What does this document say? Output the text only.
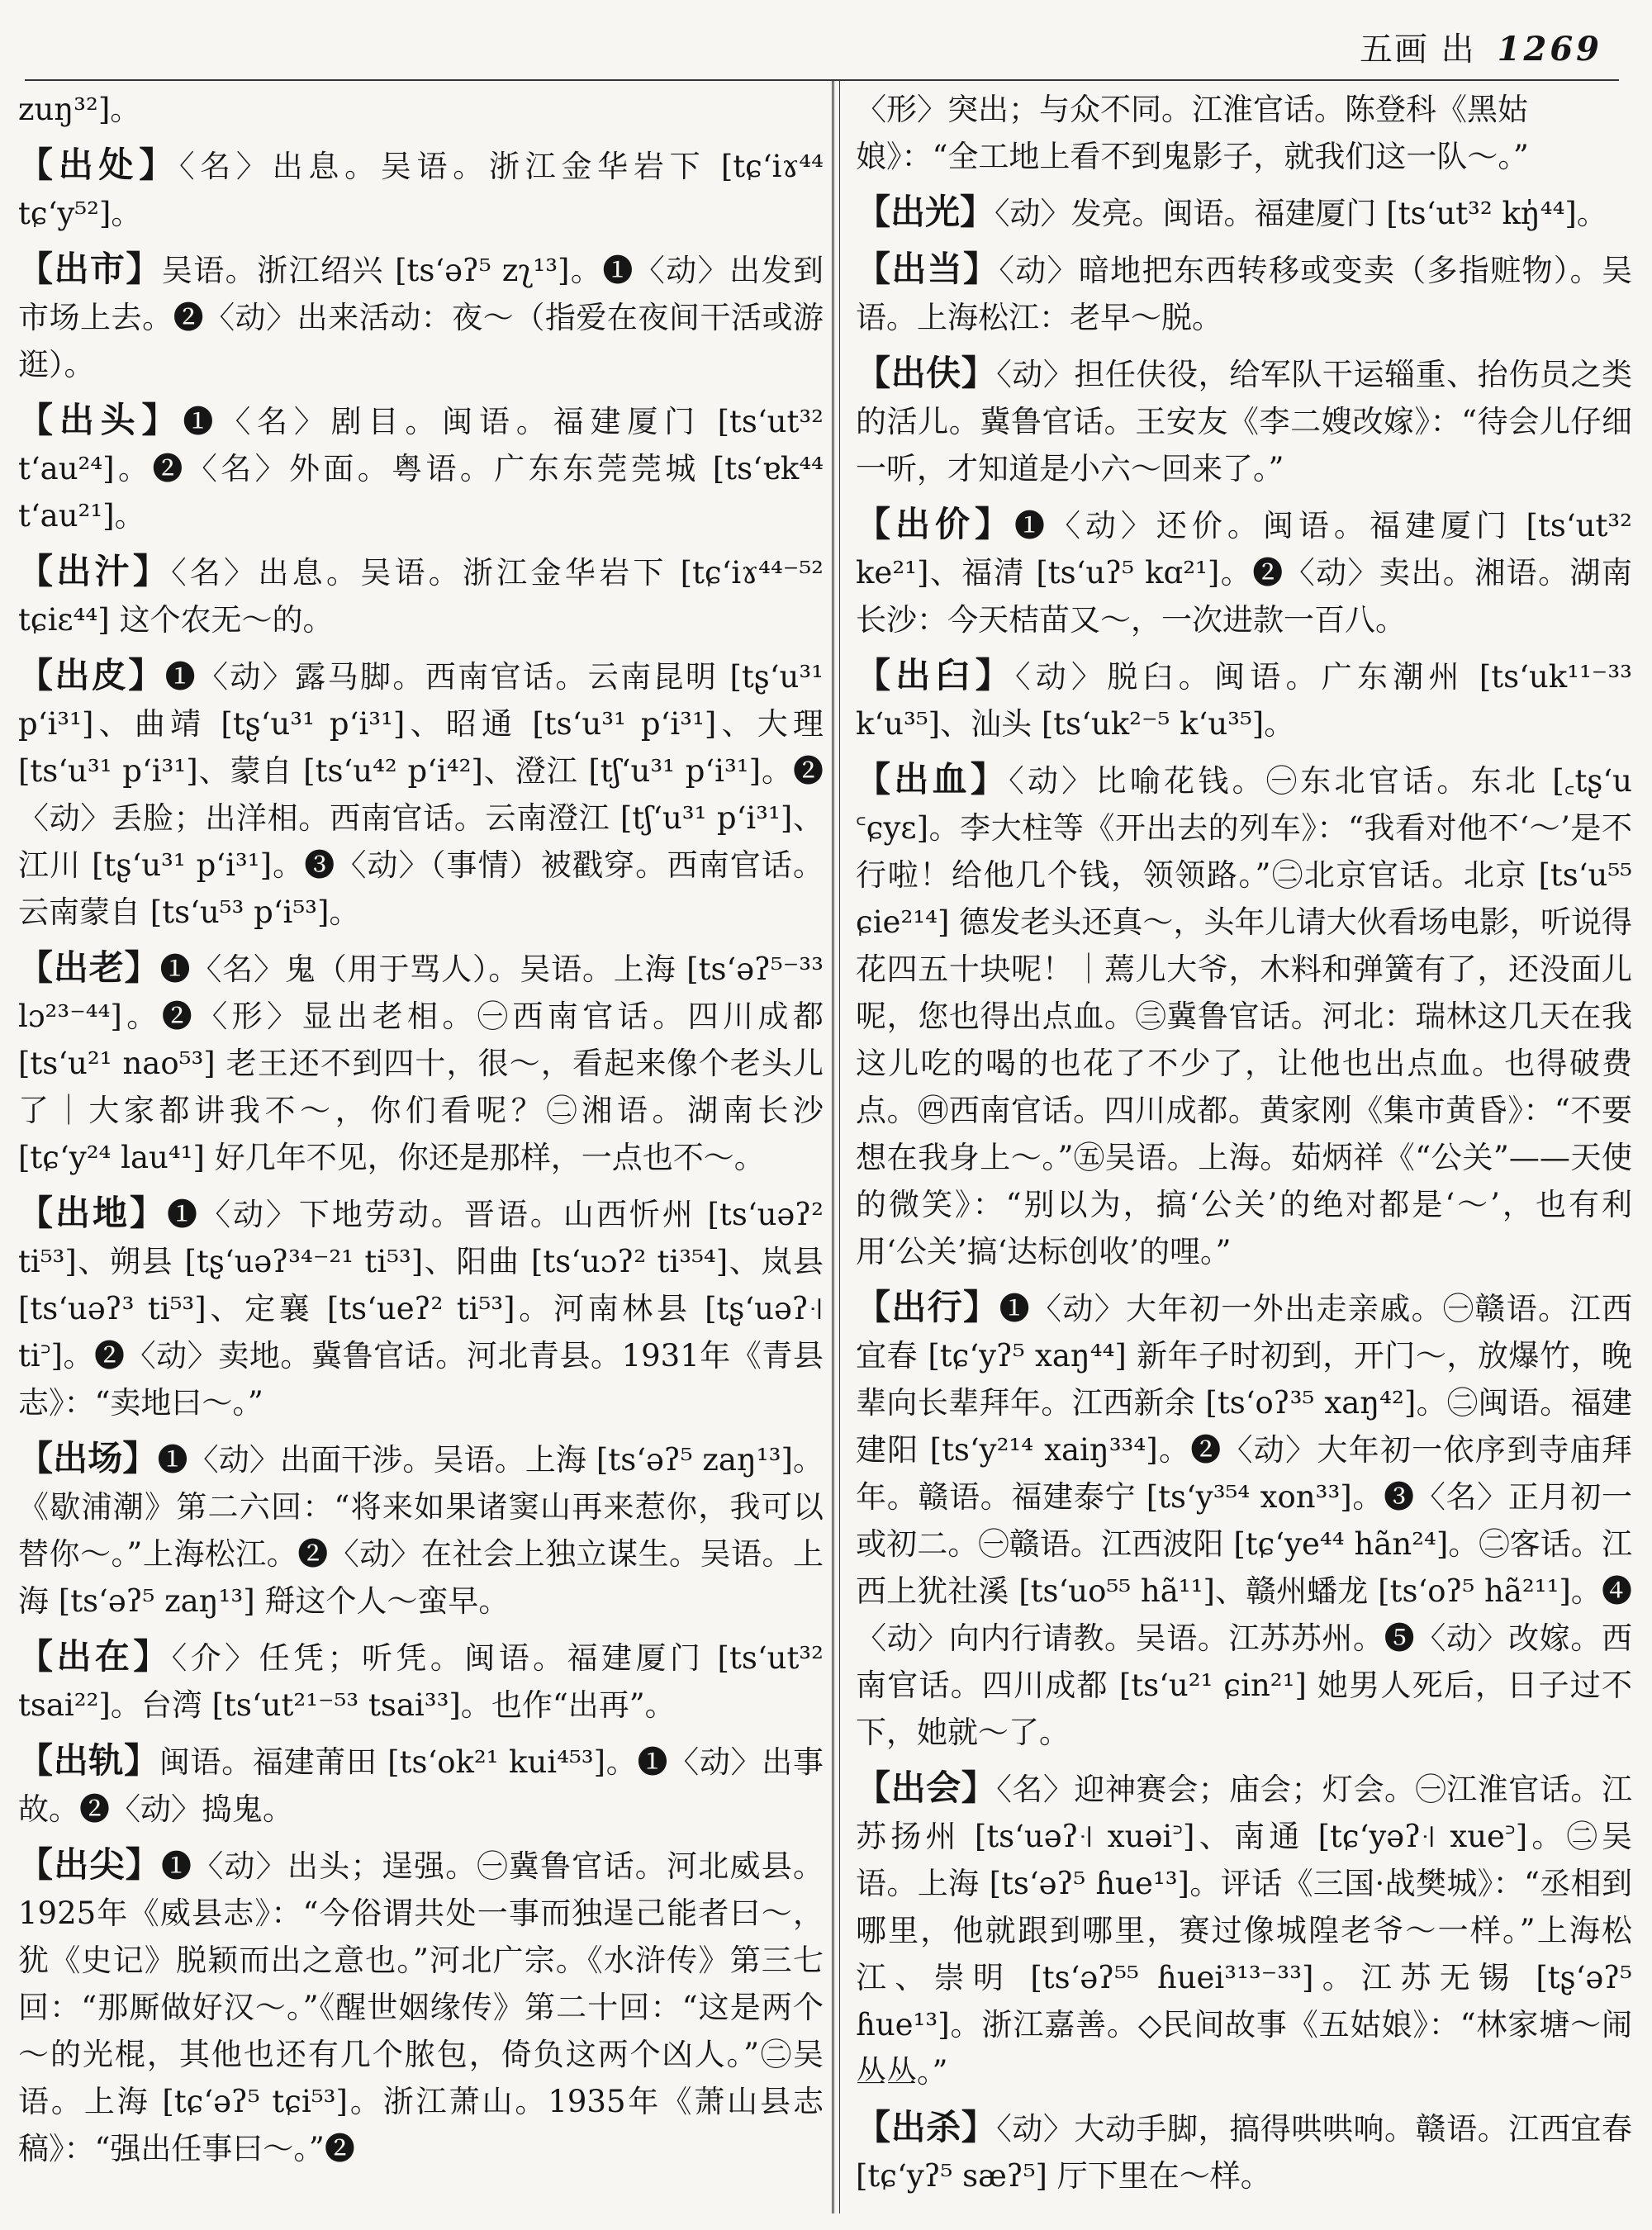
五画 出 1269
zuŋ³²]。
【 出处 】 〈名〉出息。吴语。浙江金华岩下 [tɕʻiɤ⁴⁴ tɕʻy⁵²]。
【 出市 】 吴语。浙江绍兴 [tsʻəʔ⁵ zʅ¹³]。❶〈动〉出发到市场上去。❷〈动〉出来活动：夜～（指爱在夜间干活或游逛）。
【 出头 】 ❶〈名〉剧目。闽语。福建厦门 [tsʻut³² tʻau²⁴]。❷〈名〉外面。粤语。广东东莞莞城 [tsʻɐk⁴⁴ tʻau²¹]。
【 出汁 】 〈名〉出息。吴语。浙江金华岩下 [tɕʻiɤ⁴⁴⁻⁵² tɕiɛ⁴⁴] 这个农无～的。
【 出皮 】 ❶〈动〉露马脚。西南官话。云南昆明 [tʂʻu³¹ pʻi³¹]、曲靖 [tʂʻu³¹ pʻi³¹]、昭通 [tsʻu³¹ pʻi³¹]、大理 [tsʻu³¹ pʻi³¹]、蒙自 [tsʻu⁴² pʻi⁴²]、澄江 [tʃʻu³¹ pʻi³¹]。❷〈动〉丢脸；出洋相。西南官话。云南澄江 [tʃʻu³¹ pʻi³¹]、江川 [tʂʻu³¹ pʻi³¹]。❸〈动〉（事情）被戳穿。西南官话。云南蒙自 [tsʻu⁵³ pʻi⁵³]。
【 出老 】 ❶〈名〉鬼（用于骂人）。吴语。上海 [tsʻəʔ⁵⁻³³ lɔ²³⁻⁴⁴]。❷〈形〉显出老相。㊀西南官话。四川成都 [tsʻu²¹ nao⁵³] 老王还不到四十，很～，看起来像个老头儿了｜大家都讲我不～，你们看呢？㊁湘语。湖南长沙 [tɕʻy²⁴ lau⁴¹] 好几年不见，你还是那样，一点也不～。
【 出地 】 ❶〈动〉下地劳动。晋语。山西忻州 [tsʻuəʔ² ti⁵³]、朔县 [tʂʻuəʔ³⁴⁻²¹ ti⁵³]、阳曲 [tsʻuɔʔ² ti³⁵⁴]、岚县 [tsʻuəʔ³ ti⁵³]、定襄 [tsʻueʔ² ti⁵³]。河南林县 [tʂʻuəʔ꜊ ti꜄]。❷〈动〉卖地。冀鲁官话。河北青县。1931年《青县志》：“卖地曰～。”
【 出场 】 ❶〈动〉出面干涉。吴语。上海 [tsʻəʔ⁵ zaŋ¹³]。《歇浦潮》第二六回：“将来如果诸窦山再来惹你，我可以替你～。”上海松江。❷〈动〉在社会上独立谋生。吴语。上海 [tsʻəʔ⁵ zaŋ¹³] 搿这个人～蛮早。
【 出在 】 〈介〉任凭；听凭。闽语。福建厦门 [tsʻut³² tsai²²]。台湾 [tsʻut²¹⁻⁵³ tsai³³]。也作“出再”。
【 出轨 】 闽语。福建莆田 [tsʻok²¹ kui⁴⁵³]。❶〈动〉出事故。❷〈动〉捣鬼。
【 出尖 】 ❶〈动〉出头；逞强。㊀冀鲁官话。河北威县。1925年《威县志》：“今俗谓共处一事而独逞己能者曰～，犹《史记》脱颖而出之意也。”河北广宗。《水浒传》第三七回：“那厮做好汉～。”《醒世姻缘传》第二十回：“这是两个～的光棍，其他也还有几个脓包，倚负这两个凶人。”㊁吴语。上海 [tɕʻəʔ⁵ tɕi⁵³]。浙江萧山。1935年《萧山县志稿》：“强出任事曰～。”❷
〈形〉突出；与众不同。江淮官话。陈登科《黑姑娘》：“全工地上看不到鬼影子，就我们这一队～。”
【 出光 】 〈动〉发亮。闽语。福建厦门 [tsʻut³² kŋ̍⁴⁴]。
【 出当 】 〈动〉暗地把东西转移或变卖（多指赃物）。吴语。上海松江：老早～脱。
【 出伕 】 〈动〉担任伕役，给军队干运辎重、抬伤员之类的活儿。冀鲁官话。王安友《李二嫂改嫁》：“待会儿仔细一听，才知道是小六～回来了。”
【 出价 】 ❶〈动〉还价。闽语。福建厦门 [tsʻut³² ke²¹]、福清 [tsʻuʔ⁵ kɑ²¹]。❷〈动〉卖出。湘语。湖南长沙：今天桔苗又～，一次进款一百八。
【 出臼 】 〈动〉脱臼。闽语。广东潮州 [tsʻuk¹¹⁻³³ kʻu³⁵]、汕头 [tsʻuk²⁻⁵ kʻu³⁵]。
【 出血 】 〈动〉比喻花钱。㊀东北官话。东北 [꜀tʂʻu ꜂ɕyɛ]。李大柱等《开出去的列车》：“我看对他不‘～’是不行啦！给他几个钱，领领路。”㊁北京官话。北京 [tsʻu⁵⁵ ɕie²¹⁴] 德发老头还真～，头年儿请大伙看场电影，听说得花四五十块呢！｜蔫儿大爷，木料和弹簧有了，还没面儿呢，您也得出点血。㊂冀鲁官话。河北：瑞林这几天在我这儿吃的喝的也花了不少了，让他也出点血。也得破费点。㊃西南官话。四川成都。黄家刚《集市黄昏》：“不要想在我身上～。”㊄吴语。上海。茹炳祥《“公关”——天使的微笑》：“别以为，搞‘公关’的绝对都是‘～’，也有利用‘公关’搞‘达标创收’的哩。”
【 出行 】 ❶〈动〉大年初一外出走亲戚。㊀赣语。江西宜春 [tɕʻyʔ⁵ xaŋ⁴⁴] 新年子时初到，开门～，放爆竹，晚辈向长辈拜年。江西新余 [tsʻoʔ³⁵ xaŋ⁴²]。㊁闽语。福建建阳 [tsʻy²¹⁴ xaiŋ³³⁴]。❷〈动〉大年初一依序到寺庙拜年。赣语。福建泰宁 [tsʻy³⁵⁴ xon³³]。❸〈名〉正月初一或初二。㊀赣语。江西波阳 [tɕʻye⁴⁴ hãn²⁴]。㊁客话。江西上犹社溪 [tsʻuo⁵⁵ hã¹¹]、赣州蟠龙 [tsʻoʔ⁵ hã²¹¹]。❹〈动〉向内行请教。吴语。江苏苏州。❺〈动〉改嫁。西南官话。四川成都 [tsʻu²¹ ɕin²¹] 她男人死后，日子过不下，她就～了。
【 出会 】 〈名〉迎神赛会；庙会；灯会。㊀江淮官话。江苏扬州 [tsʻuəʔ꜊ xuəi꜄]、南通 [tɕʻyəʔ꜊ xue꜄]。㊁吴语。上海 [tsʻəʔ⁵ ɦue¹³]。评话《三国·战樊城》：“丞相到哪里，他就跟到哪里，赛过像城隍老爷～一样。”上海松江、崇明 [tsʻəʔ⁵⁵ ɦuei³¹³⁻³³]。江苏无锡 [tʂʻəʔ⁵ ɦue¹³]。浙江嘉善。◇民间故事《五姑娘》：“林家塘～闹丛丛。”
【 出杀 】 〈动〉大动手脚，搞得哄哄响。赣语。江西宜春 [tɕʻyʔ⁵ sæʔ⁵] 厅下里在～样。
